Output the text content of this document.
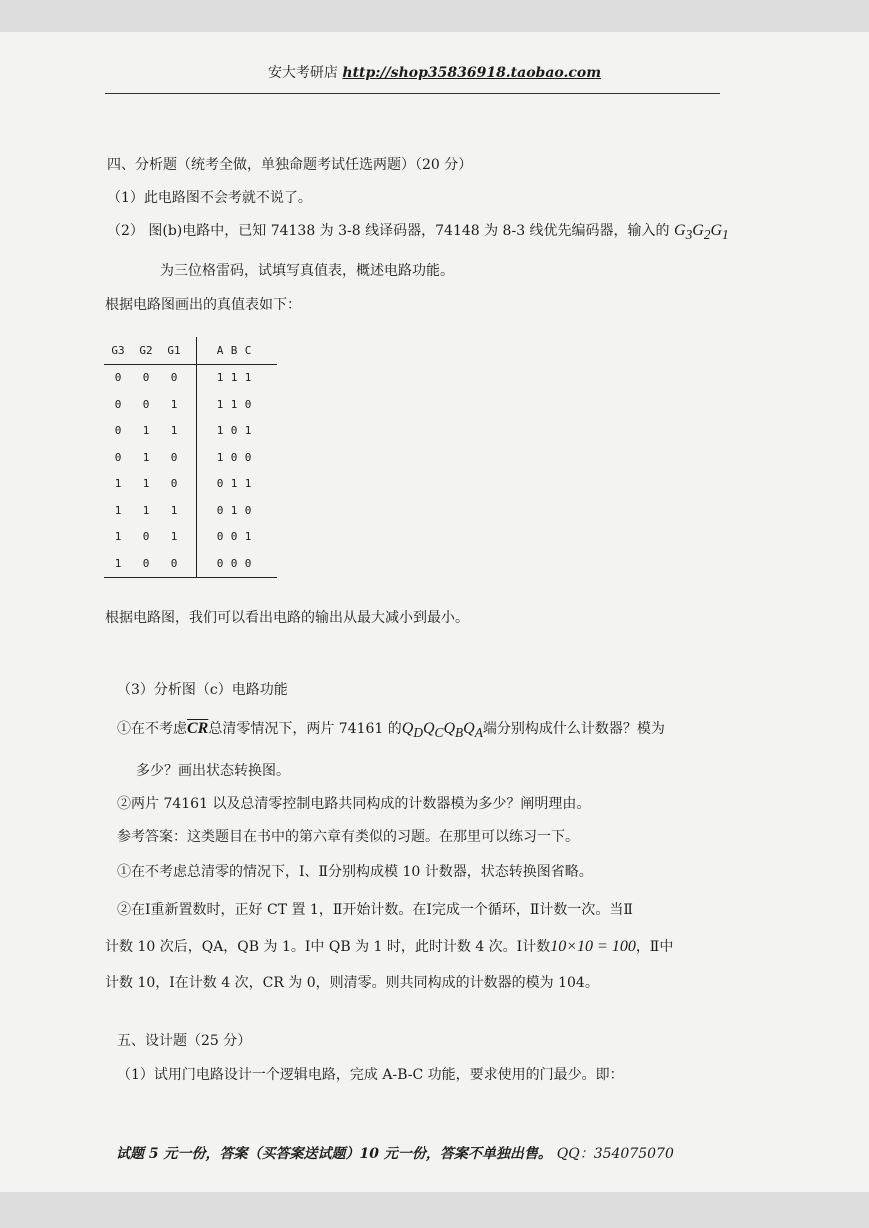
安大考研店 http://shop35836918.taobao.com
四、分析题（统考全做，单独命题考试任选两题）（20 分）
（1）此电路图不会考就不说了。
（2） 图(b)电路中，已知 74138 为 3-8 线译码器，74148 为 8-3 线优先编码器，输入的 $G_3G_2G_1$
为三位格雷码，试填写真值表，概述电路功能。
根据电路图画出的真值表如下：
G3	G2	G1			A	B	C	
0	0	0			1	1	1	
0	0	1			1	1	0	
0	1	1			1	0	1	
0	1	0			1	0	0	
1	1	0			0	1	1	
1	1	1			0	1	0	
1	0	1			0	0	1	
1	0	0			0	0	0	
根据电路图，我们可以看出电路的输出从最大减小到最小。
（3）分析图（c）电路功能
①在不考虑$\overline{CR}$总清零情况下，两片 74161 的$Q_DQ_CQ_BQ_A$端分别构成什么计数器？模为
多少？画出状态转换图。
②两片 74161 以及总清零控制电路共同构成的计数器模为多少？阐明理由。
参考答案：这类题目在书中的第六章有类似的习题。在那里可以练习一下。
①在不考虑总清零的情况下，Ⅰ、Ⅱ分别构成模 10 计数器，状态转换图省略。
②在Ⅰ重新置数时，正好 CT 置 1，Ⅱ开始计数。在Ⅰ完成一个循环，Ⅱ计数一次。当Ⅱ
计数 10 次后，QA，QB 为 1。Ⅰ中 QB 为 1 时，此时计数 4 次。Ⅰ计数10×10 = 100，Ⅱ中
计数 10，Ⅰ在计数 4 次，CR 为 0，则清零。则共同构成的计数器的模为 104。
五、设计题（25 分）
（1）试用门电路设计一个逻辑电路，完成 A-B-C 功能，要求使用的门最少。即：
试题 5 元一份，答案（买答案送试题）10 元一份，答案不单独出售。 QQ：354075070
